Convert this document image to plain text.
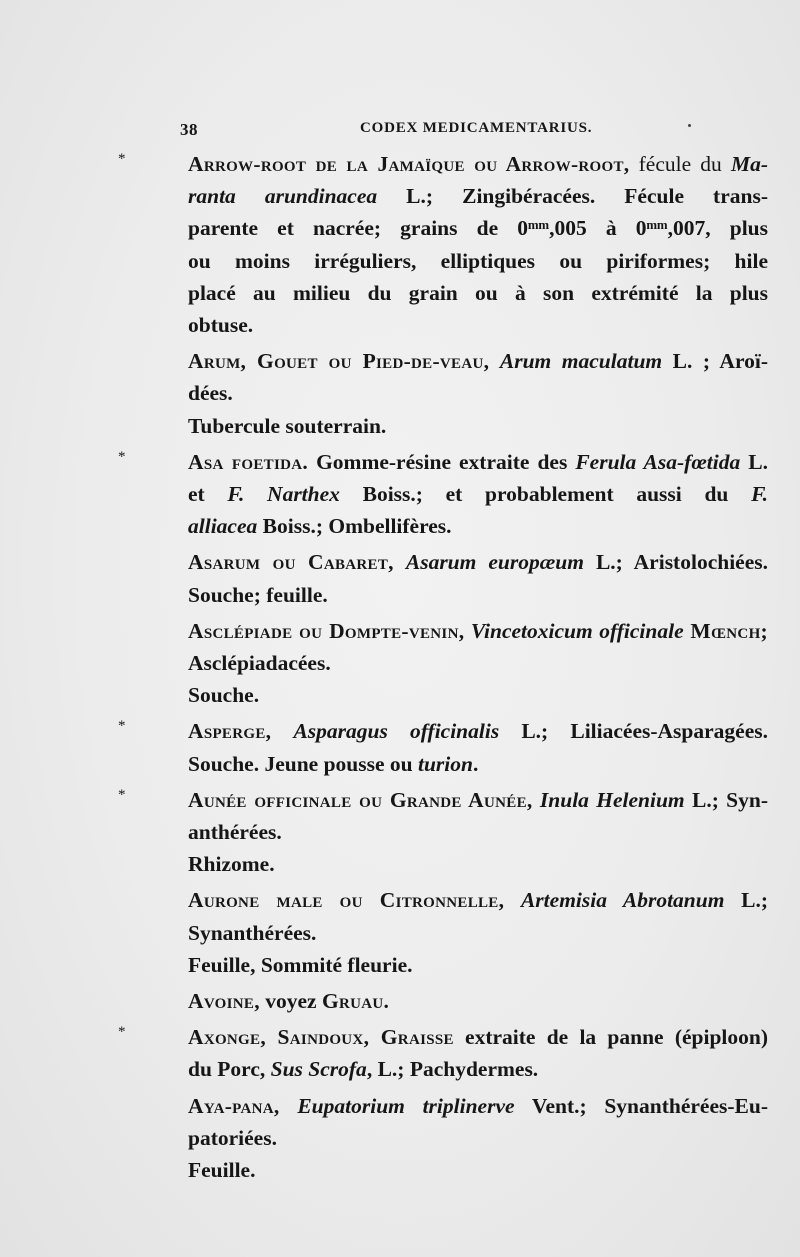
38	CODEX MEDICAMENTARIUS.

*	Arrow-root de la Jamaïque ou Arrow-root, fécule du Ma-
ranta arundinacea L.; Zingibéracées. Fécule trans-
parente et nacrée; grains de 0ᵐᵐ,005 à 0ᵐᵐ,007, plus
ou moins irréguliers, elliptiques ou piriformes; hile
placé au milieu du grain ou à son extrémité la plus
obtuse.

Arum, Gouet ou Pied-de-veau, Arum maculatum L. ; Aroï-
dées.
Tubercule souterrain.

*	Asa foetida. Gomme-résine extraite des Ferula Asa-fœtida L.
et F. Narthex Boiss.; et probablement aussi du F.
alliacea Boiss.; Ombellifères.

Asarum ou Cabaret, Asarum europæum L.; Aristolochiées.
Souche; feuille.

Asclépiade ou Dompte-venin, Vincetoxicum officinale Mœnch;
Asclépiadacées.
Souche.

*	Asperge, Asparagus officinalis L.; Liliacées-Asparagées.
Souche. Jeune pousse ou turion.

*	Aunée officinale ou Grande Aunée, Inula Helenium L.; Syn-
anthérées.
Rhizome.

Aurone male ou Citronnelle, Artemisia Abrotanum L.;
Synanthérées.
Feuille, Sommité fleurie.

Avoine, voyez Gruau.

*	Axonge, Saindoux, Graisse extraite de la panne (épiploon)
du Porc, Sus Scrofa, L.; Pachydermes.

Aya-pana, Eupatorium triplinerve Vent.; Synanthérées-Eu-
patoriées.
Feuille.
